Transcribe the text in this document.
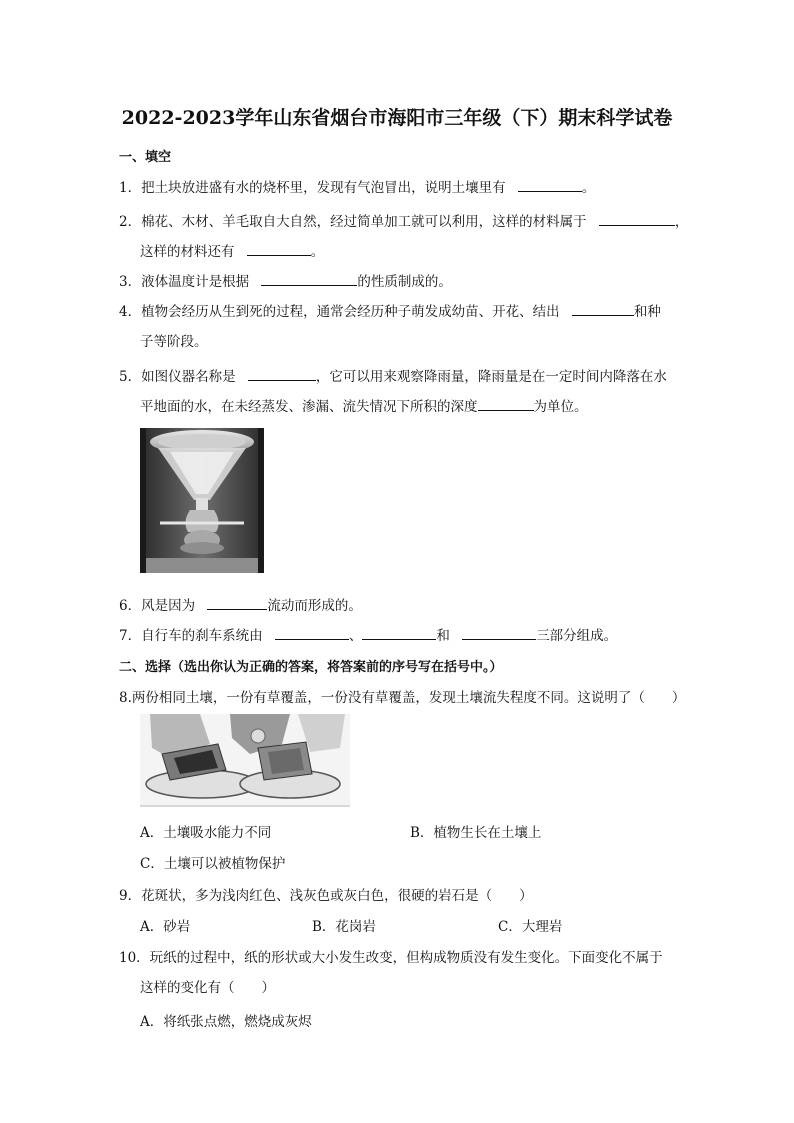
2022-2023学年山东省烟台市海阳市三年级（下）期末科学试卷
一、填空
1．把土块放进盛有水的烧杯里，发现有气泡冒出，说明土壤里有	。
2．棉花、木材、羊毛取自大自然，经过简单加工就可以利用，这样的材料属于	，
这样的材料还有	。
3．液体温度计是根据	的性质制成的。
4．植物会经历从生到死的过程，通常会经历种子萌发成幼苗、开花、结出	和种
子等阶段。
5．如图仪器名称是	，它可以用来观察降雨量，降雨量是在一定时间内降落在水
平地面的水，在未经蒸发、渗漏、流失情况下所积的深度	为单位。
6．风是因为	流动而形成的。
7．自行车的刹车系统由	、	和	三部分组成。
二、选择（选出你认为正确的答案，将答案前的序号写在括号中。）
8.两份相同土壤，一份有草覆盖，一份没有草覆盖，发现土壤流失程度不同。这说明了（　　）
A．土壤吸水能力不同	B．植物生长在土壤上
C．土壤可以被植物保护
9．花斑状，多为浅肉红色、浅灰色或灰白色，很硬的岩石是（　　）
A．砂岩	B．花岗岩	C．大理岩
10．玩纸的过程中，纸的形状或大小发生改变，但构成物质没有发生变化。下面变化不属于
这样的变化有（　　）
A．将纸张点燃，燃烧成灰烬
